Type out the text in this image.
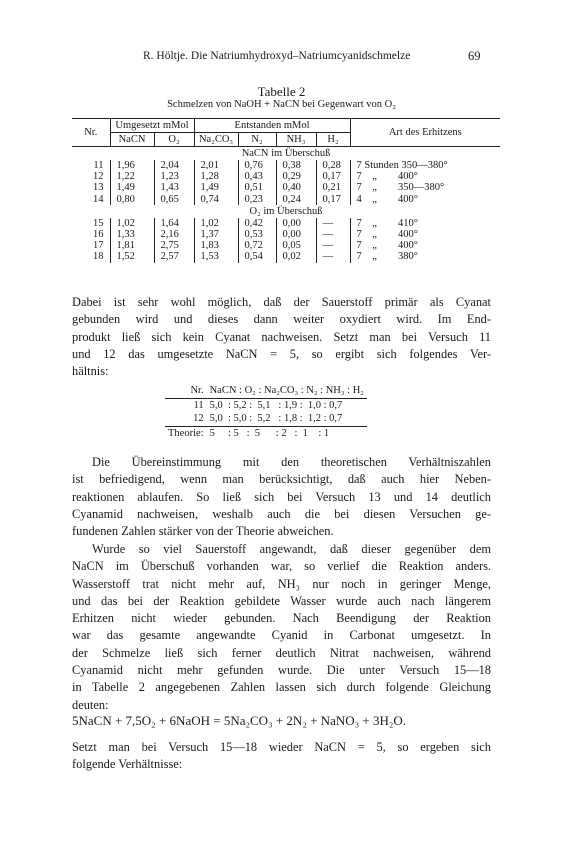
R. Höltje. Die Natriumhydroxyd–Natriumcyanidschmelze	69
Tabelle 2
Schmelzen von NaOH + NaCN bei Gegenwart von O₂
Nr.	Umgesetzt mMol		Entstanden mMol				Art des Erhitzens
	NaCN	O₂	Na₂CO₃	N₂	NH₃	H₂	
NaCN im Überschuß							
11	1,96	2,04	2,01	0,76	0,38	0,28	7 Stunden 350—380°
12	1,22	1,23	1,28	0,43	0,29	0,17	7    „        400°
13	1,49	1,43	1,49	0,51	0,40	0,21	7    „        350—380°
14	0,80	0,65	0,74	0,23	0,24	0,17	4    „        400°
O₂ im Überschuß							
15	1,02	1,64	1,02	0,42	0,00	—	7    „        410°
16	1,33	2,16	1,37	0,53	0,00	—	7    „        400°
17	1,81	2,75	1,83	0,72	0,05	—	7    „        400°
18	1,52	2,57	1,53	0,54	0,02	—	7    „        380°
Dabei ist sehr wohl möglich, daß der Sauerstoff primär als Cyanat
gebunden wird und dieses dann weiter oxydiert wird. Im End-
produkt ließ sich kein Cyanat nachweisen. Setzt man bei Versuch 11
und 12 das umgesetzte NaCN = 5, so ergibt sich folgendes Ver-
hältnis:
Nr.	NaCN : O₂ : Na₂CO₃ : N₂ : NH₃ : H₂
11	5,0  : 5,2 :  5,1   : 1,9 :  1,0 : 0,7
12	5,0  : 5,0 :  5,2   : 1,8 :  1,2 : 0,7
Theorie:	5     : 5   :  5      : 2   :  1    : 1
Die Übereinstimmung mit den theoretischen Verhältniszahlen
ist befriedigend, wenn man berücksichtigt, daß auch hier Neben-
reaktionen ablaufen. So ließ sich bei Versuch 13 und 14 deutlich
Cyanamid nachweisen, weshalb auch die bei diesen Versuchen ge-
fundenen Zahlen stärker von der Theorie abweichen.
Wurde so viel Sauerstoff angewandt, daß dieser gegenüber dem
NaCN im Überschuß vorhanden war, so verlief die Reaktion anders.
Wasserstoff trat nicht mehr auf, NH₃ nur noch in geringer Menge,
und das bei der Reaktion gebildete Wasser wurde auch nach längerem
Erhitzen nicht wieder gebunden. Nach Beendigung der Reaktion
war das gesamte angewandte Cyanid in Carbonat umgesetzt. In
der Schmelze ließ sich ferner deutlich Nitrat nachweisen, während
Cyanamid nicht mehr gefunden wurde. Die unter Versuch 15—18
in Tabelle 2 angegebenen Zahlen lassen sich durch folgende Gleichung
deuten:
5NaCN + 7,5O₂ + 6NaOH = 5Na₂CO₃ + 2N₂ + NaNO₃ + 3H₂O.
Setzt man bei Versuch 15—18 wieder NaCN = 5, so ergeben sich
folgende Verhältnisse:
